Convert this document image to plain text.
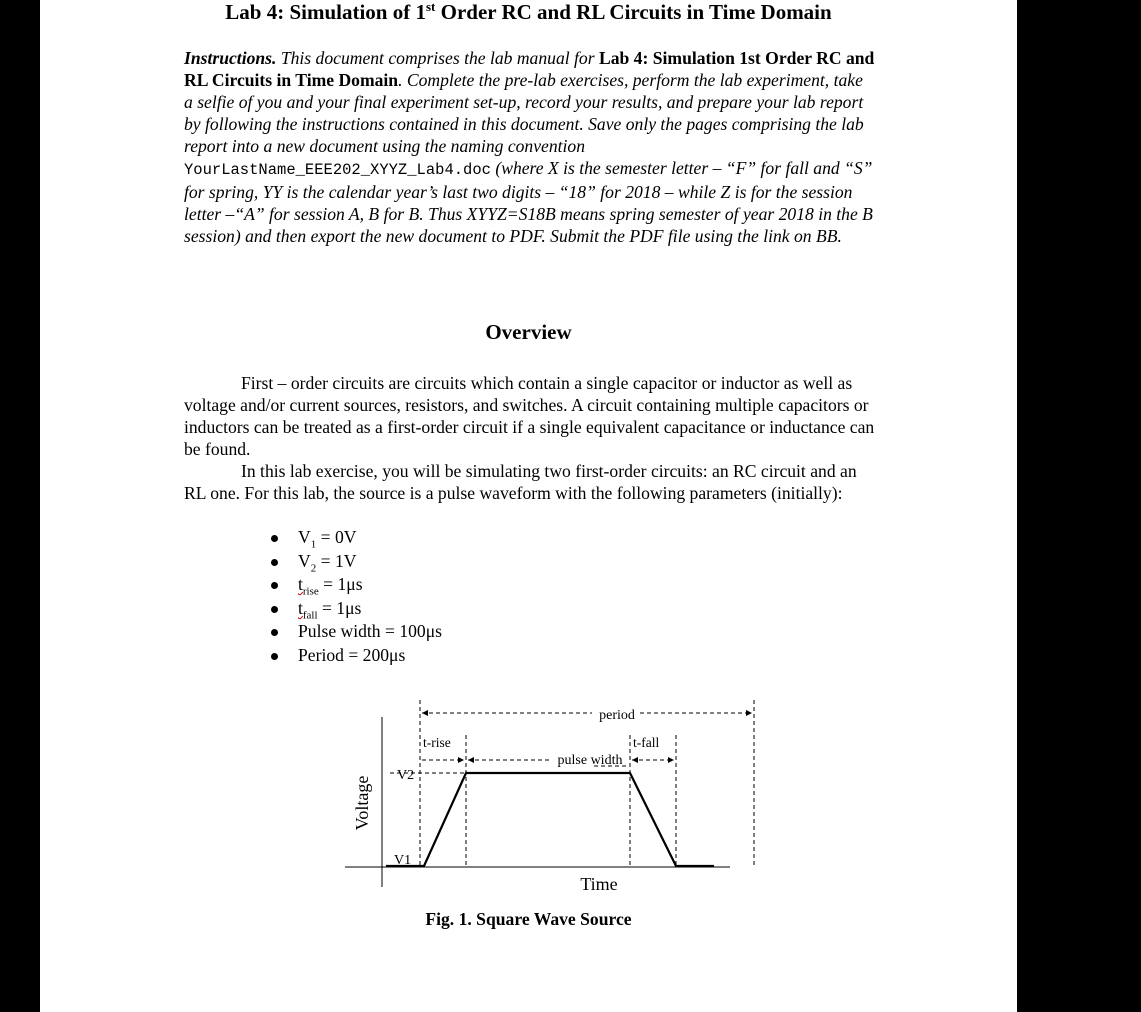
Lab 4: Simulation of 1st Order RC and RL Circuits in Time Domain
Instructions. This document comprises the lab manual for Lab 4: Simulation 1st Order RC and RL Circuits in Time Domain. Complete the pre-lab exercises, perform the lab experiment, take a selfie of you and your final experiment set-up, record your results, and prepare your lab report by following the instructions contained in this document. Save only the pages comprising the lab report into a new document using the naming convention YourLastName_EEE202_XYYZ_Lab4.doc (where X is the semester letter – “F” for fall and “S” for spring, YY is the calendar year’s last two digits – “18” for 2018 – while Z is for the session letter –“A” for session A, B for B. Thus XYYZ=S18B means spring semester of year 2018 in the B session) and then export the new document to PDF. Submit the PDF file using the link on BB.
Overview
First – order circuits are circuits which contain a single capacitor or inductor as well as voltage and/or current sources, resistors, and switches. A circuit containing multiple capacitors or inductors can be treated as a first-order circuit if a single equivalent capacitance or inductance can be found.
In this lab exercise, you will be simulating two first-order circuits: an RC circuit and an RL one. For this lab, the source is a pulse waveform with the following parameters (initially):
$V_1 = 0V$
$V_2 = 1V$
$t_{rise} = 1\mu s$
$t_{fall} = 1\mu s$
Pulse width = 100μs
Period = 200μs
period
t-rise
pulse width
t-fall
V2
V1
Voltage
Time
Fig. 1. Square Wave Source
